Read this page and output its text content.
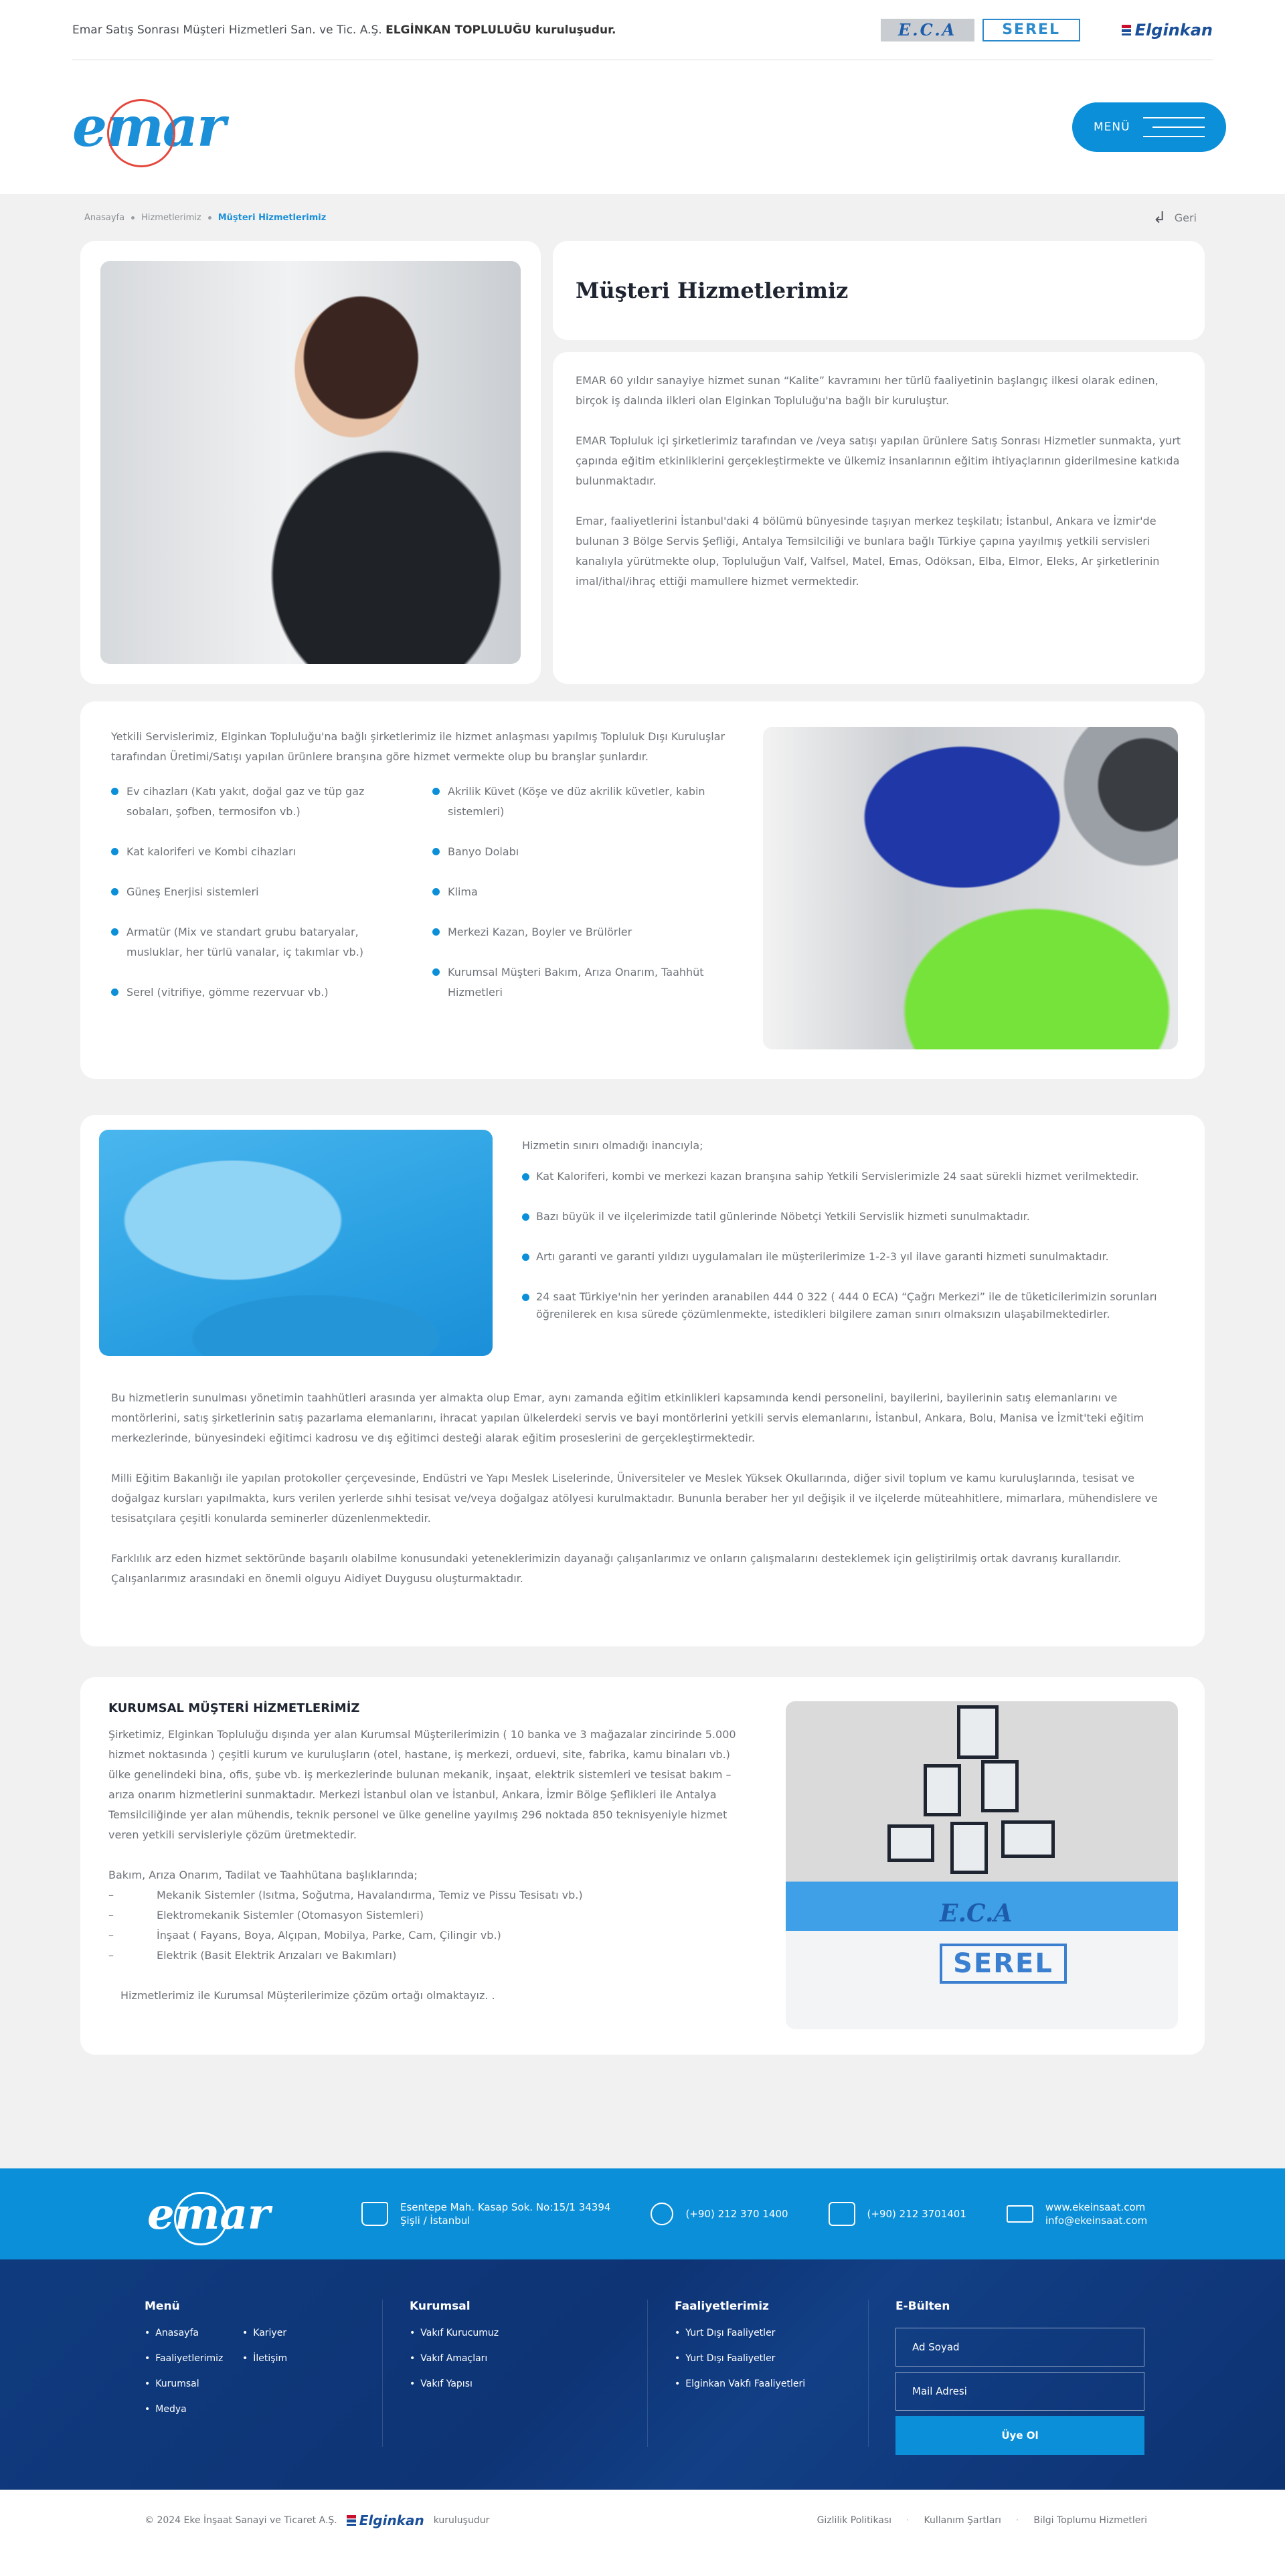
Emar Satış Sonrası Müşteri Hizmetleri San. ve Tic. A.Ş. ELGİNKAN TOPLULUĞU kuruluşudur.	E.C.A	SEREL	Elginkan
emar	MENÜ
Anasayfa Hizmetlerimiz Müşteri Hizmetlerimiz	↲ Geri
Müşteri Hizmetlerimiz

EMAR 60 yıldır sanayiye hizmet sunan “Kalite” kavramını her türlü faaliyetinin başlangıç ilkesi olarak edinen, birçok iş dalında ilkleri olan Elginkan Topluluğu'na bağlı bir kuruluştur.

EMAR Topluluk içi şirketlerimiz tarafından ve /veya satışı yapılan ürünlere Satış Sonrası Hizmetler sunmakta, yurt çapında eğitim etkinliklerini gerçekleştirmekte ve ülkemiz insanlarının eğitim ihtiyaçlarının giderilmesine katkıda bulunmaktadır.

Emar, faaliyetlerini İstanbul'daki 4 bölümü bünyesinde taşıyan merkez teşkilatı; İstanbul, Ankara ve İzmir'de bulunan 3 Bölge Servis Şefliği, Antalya Temsilciliği ve bunlara bağlı Türkiye çapına yayılmış yetkili servisleri kanalıyla yürütmekte olup, Topluluğun Valf, Valfsel, Matel, Emas, Odöksan, Elba, Elmor, Eleks, Ar şirketlerinin imal/ithal/ihraç ettiği mamullere hizmet vermektedir.

Yetkili Servislerimiz, Elginkan Topluluğu'na bağlı şirketlerimiz ile hizmet anlaşması yapılmış Topluluk Dışı Kuruluşlar tarafından Üretimi/Satışı yapılan ürünlere branşına göre hizmet vermekte olup bu branşlar şunlardır.

Ev cihazları (Katı yakıt, doğal gaz ve tüp gaz sobaları, şofben, termosifon vb.)
Kat kaloriferi ve Kombi cihazları
Güneş Enerjisi sistemleri
Armatür (Mix ve standart grubu bataryalar, musluklar, her türlü vanalar, iç takımlar vb.)
Serel (vitrifiye, gömme rezervuar vb.)
Akrilik Küvet (Köşe ve düz akrilik küvetler, kabin sistemleri)
Banyo Dolabı
Klima
Merkezi Kazan, Boyler ve Brülörler
Kurumsal Müşteri Bakım, Arıza Onarım, Taahhüt Hizmetleri

Hizmetin sınırı olmadığı inancıyla;

Kat Kaloriferi, kombi ve merkezi kazan branşına sahip Yetkili Servislerimizle 24 saat sürekli hizmet verilmektedir.
Bazı büyük il ve ilçelerimizde tatil günlerinde Nöbetçi Yetkili Servislik hizmeti sunulmaktadır.
Artı garanti ve garanti yıldızı uygulamaları ile müşterilerimize 1-2-3 yıl ilave garanti hizmeti sunulmaktadır.
24 saat Türkiye'nin her yerinden aranabilen 444 0 322 ( 444 0 ECA) “Çağrı Merkezi” ile de tüketicilerimizin sorunları öğrenilerek en kısa sürede çözümlenmekte, istedikleri bilgilere zaman sınırı olmaksızın ulaşabilmektedirler.

Bu hizmetlerin sunulması yönetimin taahhütleri arasında yer almakta olup Emar, aynı zamanda eğitim etkinlikleri kapsamında kendi personelini, bayilerini, bayilerinin satış elemanlarını ve montörlerini, satış şirketlerinin satış pazarlama elemanlarını, ihracat yapılan ülkelerdeki servis ve bayi montörlerini yetkili servis elemanlarını, İstanbul, Ankara, Bolu, Manisa ve İzmit'teki eğitim merkezlerinde, bünyesindeki eğitimci kadrosu ve dış eğitimci desteği alarak eğitim proseslerini de gerçekleştirmektedir.

Milli Eğitim Bakanlığı ile yapılan protokoller çerçevesinde, Endüstri ve Yapı Meslek Liselerinde, Üniversiteler ve Meslek Yüksek Okullarında, diğer sivil toplum ve kamu kuruluşlarında, tesisat ve doğalgaz kursları yapılmakta, kurs verilen yerlerde sıhhi tesisat ve/veya doğalgaz atölyesi kurulmaktadır. Bununla beraber her yıl değişik il ve ilçelerde müteahhitlere, mimarlara, mühendislere ve tesisatçılara çeşitli konularda seminerler düzenlenmektedir.

Farklılık arz eden hizmet sektöründe başarılı olabilme konusundaki yeteneklerimizin dayanağı çalışanlarımız ve onların çalışmalarını desteklemek için geliştirilmiş ortak davranış kurallarıdır. Çalışanlarımız arasındaki en önemli olguyu Aidiyet Duygusu oluşturmaktadır.

KURUMSAL MÜŞTERİ HİZMETLERİMİZ

Şirketimiz, Elginkan Topluluğu dışında yer alan Kurumsal Müşterilerimizin ( 10 banka ve 3 mağazalar zincirinde 5.000 hizmet noktasında ) çeşitli kurum ve kuruluşların (otel, hastane, iş merkezi, orduevi, site, fabrika, kamu binaları vb.) ülke genelindeki bina, ofis, şube vb. iş merkezlerinde bulunan mekanik, inşaat, elektrik sistemleri ve tesisat bakım – arıza onarım hizmetlerini sunmaktadır. Merkezi İstanbul olan ve İstanbul, Ankara, İzmir Bölge Şeflikleri ile Antalya Temsilciliğinde yer alan mühendis, teknik personel ve ülke geneline yayılmış 296 noktada 850 teknisyeniyle hizmet veren yetkili servisleriyle çözüm üretmektedir.

Bakım, Arıza Onarım, Tadilat ve Taahhütana başlıklarında;

–	Mekanik Sistemler (Isıtma, Soğutma, Havalandırma, Temiz ve Pissu Tesisatı vb.)
–	Elektromekanik Sistemler (Otomasyon Sistemleri)
–	İnşaat ( Fayans, Boya, Alçıpan, Mobilya, Parke, Cam, Çilingir vb.)
–	Elektrik (Basit Elektrik Arızaları ve Bakımları)

Hizmetlerimiz ile Kurumsal Müşterilerimize çözüm ortağı olmaktayız. .

E.C.A
SEREL
emar	Esentepe Mah. Kasap Sok. No:15/1 34394
Şişli / İstanbul
(+90) 212 370 1400	(+90) 212 3701401
www.ekeinsaat.com
info@ekeinsaat.com
Menü
• Anasayfa	• Kariyer
• Faaliyetlerimiz	• İletişim
• Kurumsal
• Medya
Kurumsal
• Vakıf Kurucumuz
• Vakıf Amaçları
• Vakıf Yapısı
Faaliyetlerimiz
• Yurt Dışı Faaliyetler
• Yurt Dışı Faaliyetler
• Elginkan Vakfı Faaliyetleri
E-Bülten
Ad Soyad
Mail Adresi Üye Ol
© 2024 Eke İnşaat Sanayi ve Ticaret A.Ş. Elginkan kuruluşudur	Gizlilik Politikası · Kullanım Şartları · Bilgi Toplumu Hizmetleri
